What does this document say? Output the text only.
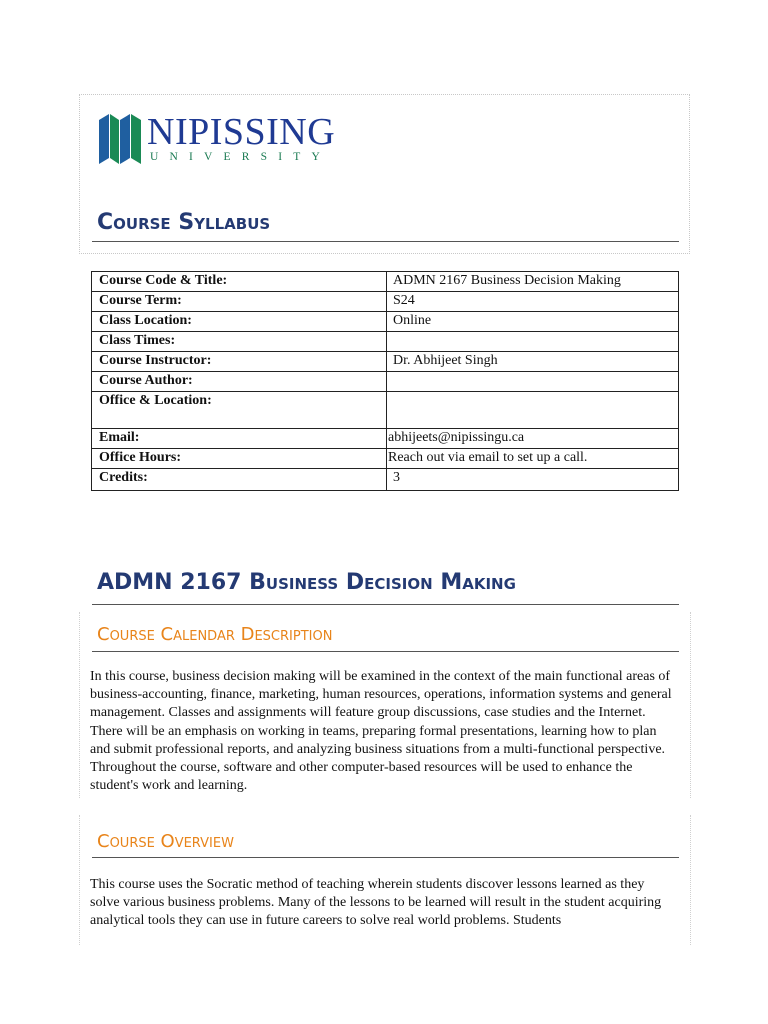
NIPISSING
UNIVERSITY
Course Syllabus
Course Code & Title:	ADMN 2167 Business Decision Making
Course Term:	S24
Class Location:	Online
Class Times:	
Course Instructor:	Dr. Abhijeet Singh
Course Author:	
Office & Location:	
Email:	abhijeets@nipissingu.ca
Office Hours:	Reach out via email to set up a call.
Credits:	3
ADMN 2167 Business Decision Making
Course Calendar Description
In this course, business decision making will be examined in the context of the main functional areas of business-accounting, finance, marketing, human resources, operations, information systems and general management. Classes and assignments will feature group discussions, case studies and the Internet. There will be an emphasis on working in teams, preparing formal presentations, learning how to plan and submit professional reports, and analyzing business situations from a multi-functional perspective. Throughout the course, software and other computer-based resources will be used to enhance the student's work and learning.
Course Overview
This course uses the Socratic method of teaching wherein students discover lessons learned as they solve various business problems. Many of the lessons to be learned will result in the student acquiring analytical tools they can use in future careers to solve real world problems. Students
